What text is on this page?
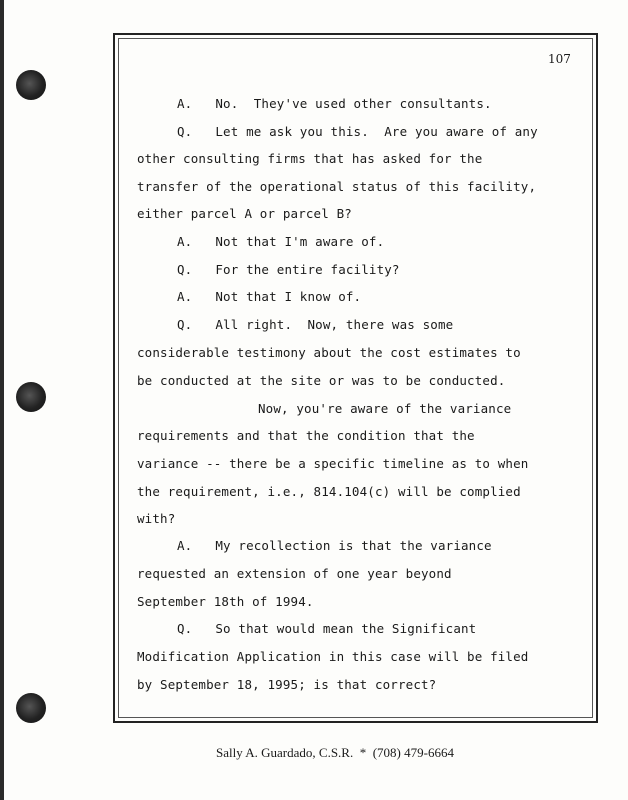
107
A.   No.  They've used other consultants.
Q.   Let me ask you this.  Are you aware of any
other consulting firms that has asked for the
transfer of the operational status of this facility,
either parcel A or parcel B?
A.   Not that I'm aware of.
Q.   For the entire facility?
A.   Not that I know of.
Q.   All right.  Now, there was some
considerable testimony about the cost estimates to
be conducted at the site or was to be conducted.
Now, you're aware of the variance
requirements and that the condition that the
variance -- there be a specific timeline as to when
the requirement, i.e., 814.104(c) will be complied
with?
A.   My recollection is that the variance
requested an extension of one year beyond
September 18th of 1994.
Q.   So that would mean the Significant
Modification Application in this case will be filed
by September 18, 1995; is that correct?
Sally A. Guardado, C.S.R.  *  (708) 479-6664
